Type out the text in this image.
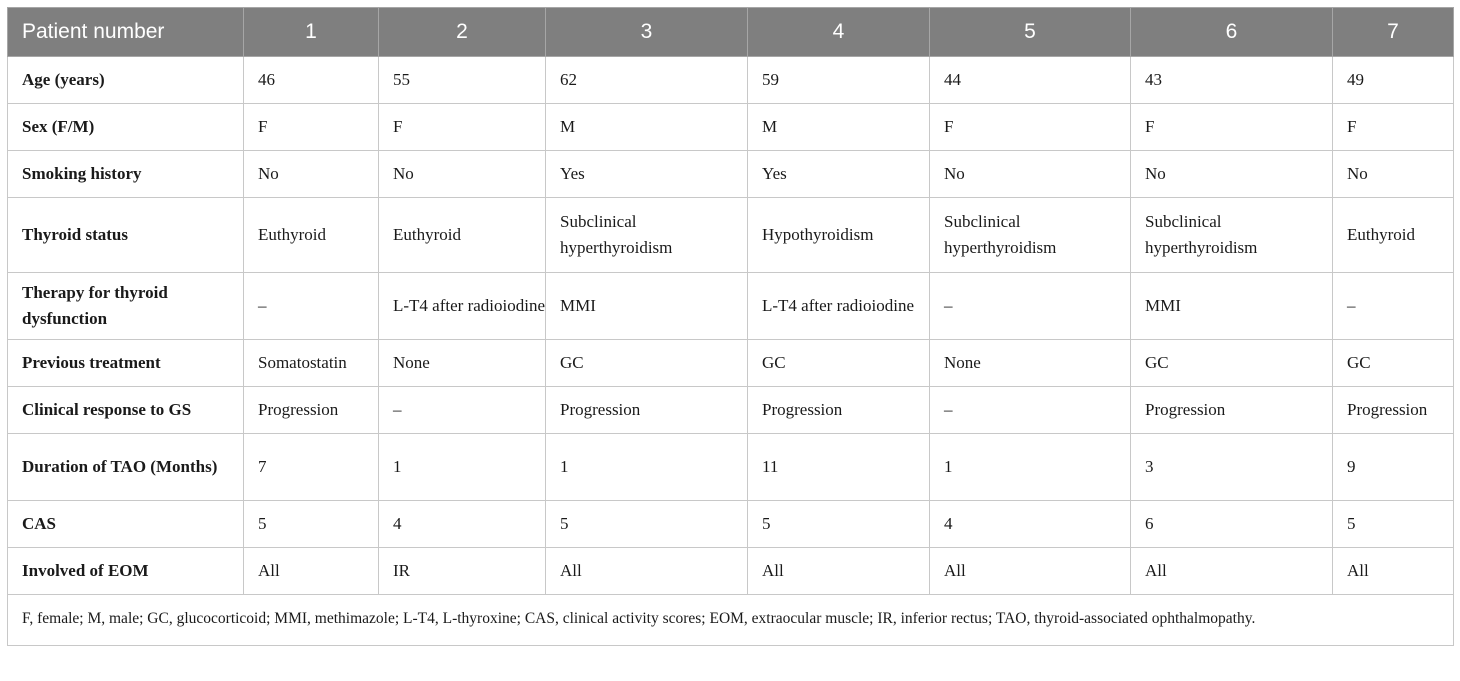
Patient number	1	2	3	4	5	6	7
Age (years)	46	55	62	59	44	43	49
Sex (F/M)	F	F	M	M	F	F	F
Smoking history	No	No	Yes	Yes	No	No	No
Thyroid status	Euthyroid	Euthyroid	Subclinical hyperthyroidism	Hypothyroidism	Subclinical hyperthyroidism	Subclinical hyperthyroidism	Euthyroid
Therapy for thyroid dysfunction	–	L-T4 after radioiodine	MMI	L-T4 after radioiodine	–	MMI	–
Previous treatment	Somatostatin	None	GC	GC	None	GC	GC
Clinical response to GS	Progression	–	Progression	Progression	–	Progression	Progression
Duration of TAO (Months)	7	1	1	11	1	3	9
CAS	5	4	5	5	4	6	5
Involved of EOM	All	IR	All	All	All	All	All
F, female; M, male; GC, glucocorticoid; MMI, methimazole; L-T4, L-thyroxine; CAS, clinical activity scores; EOM, extraocular muscle; IR, inferior rectus; TAO, thyroid-associated ophthalmopathy.							
